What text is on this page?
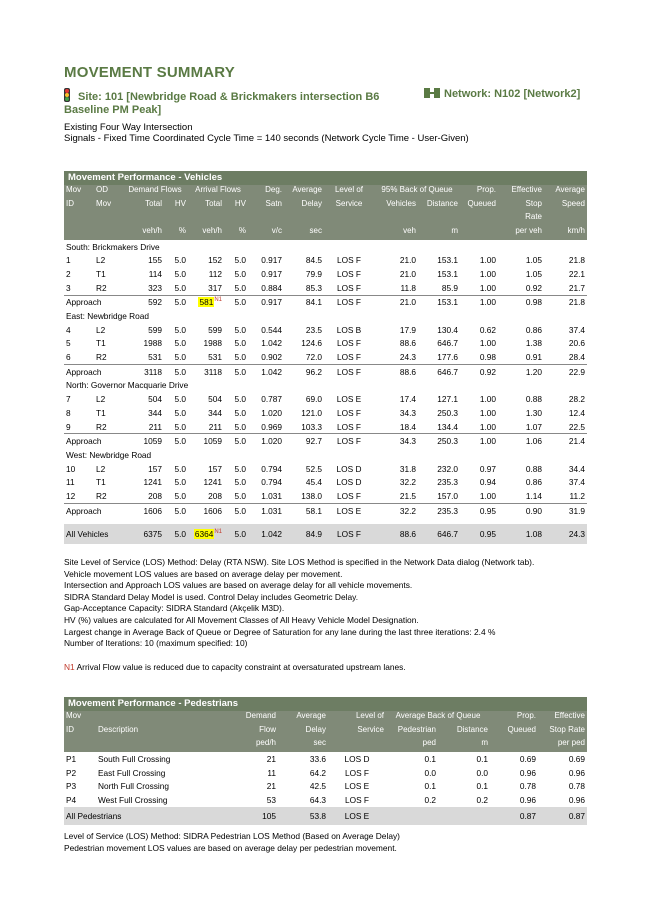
MOVEMENT SUMMARY
Site: 101 [Newbridge Road & Brickmakers intersection B6 Baseline PM Peak]
Network: N102 [Network2]
Existing Four Way Intersection
Signals - Fixed Time Coordinated Cycle Time = 140 seconds (Network Cycle Time - User-Given)
Movement Performance - Vehicles
Mov	OD	Demand Flows		Arrival Flows		Deg.	Average	Level of	95% Back of Queue		Prop.	Effective	Average
ID	Mov	Total	HV	Total	HV	Satn	Delay	Service	Vehicles	Distance	Queued	Stop	Speed
												Rate	
		veh/h	%	veh/h	%	v/c	sec		veh	m		per veh	km/h
South: Brickmakers Drive													
1	L2	155	5.0	152	5.0	0.917	84.5	LOS F	21.0	153.1	1.00	1.05	21.8
2	T1	114	5.0	112	5.0	0.917	79.9	LOS F	21.0	153.1	1.00	1.05	22.1
3	R2	323	5.0	317	5.0	0.884	85.3	LOS F	11.8	85.9	1.00	0.92	21.7
Approach		592	5.0	$581^{N1}$	5.0	0.917	84.1	LOS F	21.0	153.1	1.00	0.98	21.8
East: Newbridge Road													
4	L2	599	5.0	599	5.0	0.544	23.5	LOS B	17.9	130.4	0.62	0.86	37.4
5	T1	1988	5.0	1988	5.0	1.042	124.6	LOS F	88.6	646.7	1.00	1.38	20.6
6	R2	531	5.0	531	5.0	0.902	72.0	LOS F	24.3	177.6	0.98	0.91	28.4
Approach		3118	5.0	3118	5.0	1.042	96.2	LOS F	88.6	646.7	0.92	1.20	22.9
North: Governor Macquarie Drive													
7	L2	504	5.0	504	5.0	0.787	69.0	LOS E	17.4	127.1	1.00	0.88	28.2
8	T1	344	5.0	344	5.0	1.020	121.0	LOS F	34.3	250.3	1.00	1.30	12.4
9	R2	211	5.0	211	5.0	0.969	103.3	LOS F	18.4	134.4	1.00	1.07	22.5
Approach		1059	5.0	1059	5.0	1.020	92.7	LOS F	34.3	250.3	1.00	1.06	21.4
West: Newbridge Road													
10	L2	157	5.0	157	5.0	0.794	52.5	LOS D	31.8	232.0	0.97	0.88	34.4
11	T1	1241	5.0	1241	5.0	0.794	45.4	LOS D	32.2	235.3	0.94	0.86	37.4
12	R2	208	5.0	208	5.0	1.031	138.0	LOS F	21.5	157.0	1.00	1.14	11.2
Approach		1606	5.0	1606	5.0	1.031	58.1	LOS E	32.2	235.3	0.95	0.90	31.9

All Vehicles		6375	5.0	$6364^{N1}$	5.0	1.042	84.9	LOS F	88.6	646.7	0.95	1.08	24.3
Site Level of Service (LOS) Method: Delay (RTA NSW). Site LOS Method is specified in the Network Data dialog (Network tab).
Vehicle movement LOS values are based on average delay per movement.
Intersection and Approach LOS values are based on average delay for all vehicle movements.
SIDRA Standard Delay Model is used. Control Delay includes Geometric Delay.
Gap-Acceptance Capacity: SIDRA Standard (Akçelik M3D).
HV (%) values are calculated for All Movement Classes of All Heavy Vehicle Model Designation.
Largest change in Average Back of Queue or Degree of Saturation for any lane during the last three iterations: 2.4 %
Number of Iterations: 10 (maximum specified: 10)
N1 Arrival Flow value is reduced due to capacity constraint at oversaturated upstream lanes.
Movement Performance - Pedestrians
Mov		Demand	Average	Level of	Average Back of Queue		Prop.	Effective
ID	Description	Flow	Delay	Service	Pedestrian	Distance	Queued	Stop Rate
		ped/h	sec		ped	m		per ped
P1	South Full Crossing	21	33.6	LOS D	0.1	0.1	0.69	0.69
P2	East Full Crossing	11	64.2	LOS F	0.0	0.0	0.96	0.96
P3	North Full Crossing	21	42.5	LOS E	0.1	0.1	0.78	0.78
P4	West Full Crossing	53	64.3	LOS F	0.2	0.2	0.96	0.96
All Pedestrians		105	53.8	LOS E			0.87	0.87
Level of Service (LOS) Method: SIDRA Pedestrian LOS Method (Based on Average Delay)
Pedestrian movement LOS values are based on average delay per pedestrian movement.
